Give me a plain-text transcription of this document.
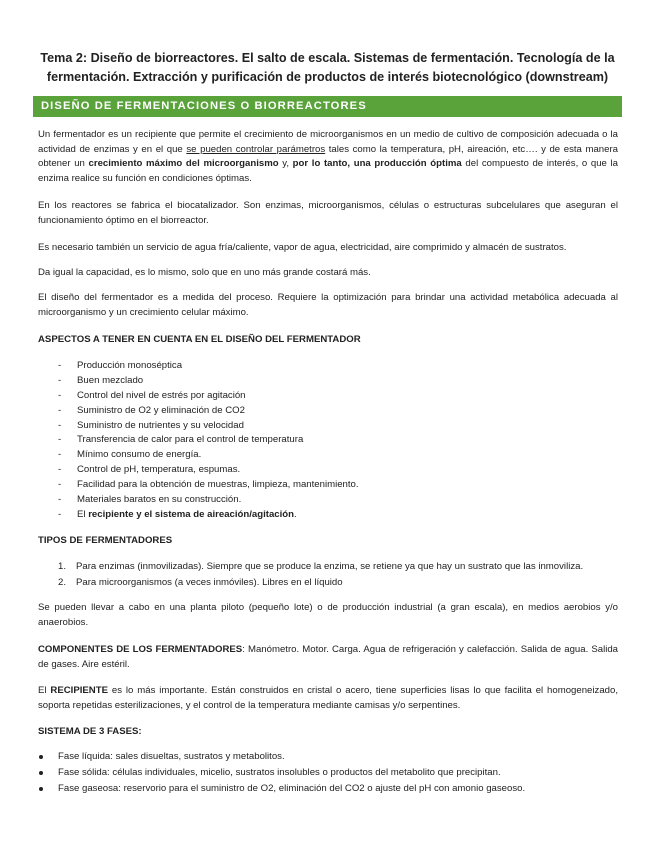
Tema 2: Diseño de biorreactores. El salto de escala. Sistemas de fermentación. Tecnología de la fermentación. Extracción y purificación de productos de interés biotecnológico (downstream)
DISEÑO DE FERMENTACIONES O BIORREACTORES

Un fermentador es un recipiente que permite el crecimiento de microorganismos en un medio de cultivo de composición adecuada o la actividad de enzimas y en el que se pueden controlar parámetros tales como la temperatura, pH, aireación, etc…. y de esta manera obtener un crecimiento máximo del microorganismo y, por lo tanto, una producción óptima del compuesto de interés, o que la enzima realice su función en condiciones óptimas.

En los reactores se fabrica el biocatalizador. Son enzimas, microorganismos, células o estructuras subcelulares que aseguran el funcionamiento óptimo en el biorreactor.

Es necesario también un servicio de agua fría/caliente, vapor de agua, electricidad, aire comprimido y almacén de sustratos.

Da igual la capacidad, es lo mismo, solo que en uno más grande costará más.

El diseño del fermentador es a medida del proceso. Requiere la optimización para brindar una actividad metabólica adecuada al microorganismo y un crecimiento celular máximo.

ASPECTOS A TENER EN CUENTA EN EL DISEÑO DEL FERMENTADOR
- Producción monoséptica
- Buen mezclado
- Control del nivel de estrés por agitación
- Suministro de O2 y eliminación de CO2
- Suministro de nutrientes y su velocidad
- Transferencia de calor para el control de temperatura
- Mínimo consumo de energía.
- Control de pH, temperatura, espumas.
- Facilidad para la obtención de muestras, limpieza, mantenimiento.
- Materiales baratos en su construcción.
- El recipiente y el sistema de aireación/agitación.
TIPOS DE FERMENTADORES
1. Para enzimas (inmovilizadas). Siempre que se produce la enzima, se retiene ya que hay un sustrato que las inmoviliza.
2. Para microorganismos (a veces inmóviles). Libres en el líquido

Se pueden llevar a cabo en una planta piloto (pequeño lote) o de producción industrial (a gran escala), en medios aerobios y/o anaerobios.

COMPONENTES DE LOS FERMENTADORES: Manómetro. Motor. Carga. Agua de refrigeración y calefacción. Salida de agua. Salida de gases. Aire estéril.

El RECIPIENTE es lo más importante. Están construidos en cristal o acero, tiene superficies lisas lo que facilita el homogeneizado, soporta repetidas esterilizaciones, y el control de la temperatura mediante camisas y/o serpentines.

SISTEMA DE 3 FASES:
Fase líquida: sales disueltas, sustratos y metabolitos.
Fase sólida: células individuales, micelio, sustratos insolubles o productos del metabolito que precipitan.
Fase gaseosa: reservorio para el suministro de O2, eliminación del CO2 o ajuste del pH con amonio gaseoso.
